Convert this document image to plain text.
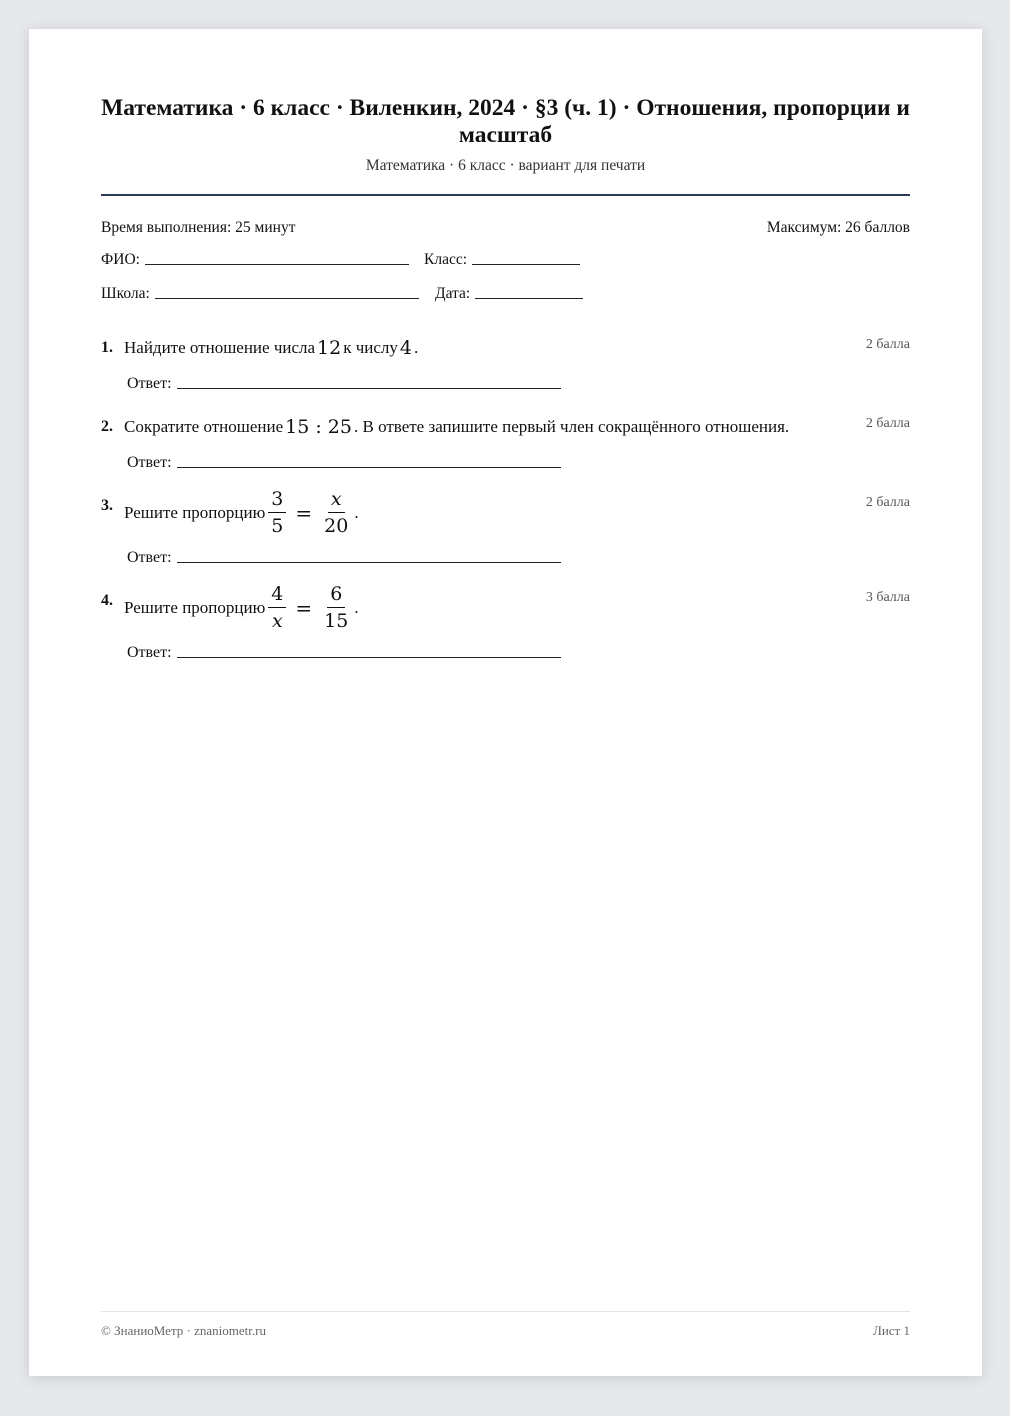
Математика · 6 класс · Виленкин, 2024 · §3 (ч. 1) · Отношения, пропорции и масштаб
Математика · 6 класс · вариант для печати
Время выполнения: 25 минут	Максимум: 26 баллов
ФИО:	Класс:
Школа:	Дата:
1. Найдите отношение числа 12 к числу 4 .	2 балла
Ответ:
2. Сократите отношение 15 : 25 . В ответе запишите первый член сокращённого отношения.	2 балла
Ответ:
3. Решите пропорцию $\frac{3}{5} = \frac{x}{20}$ .	2 балла
Ответ:
4. Решите пропорцию $\frac{4}{x} = \frac{6}{15}$ .	3 балла
Ответ:
© ЗнаниоМетр · znaniometr.ru	Лист 1
